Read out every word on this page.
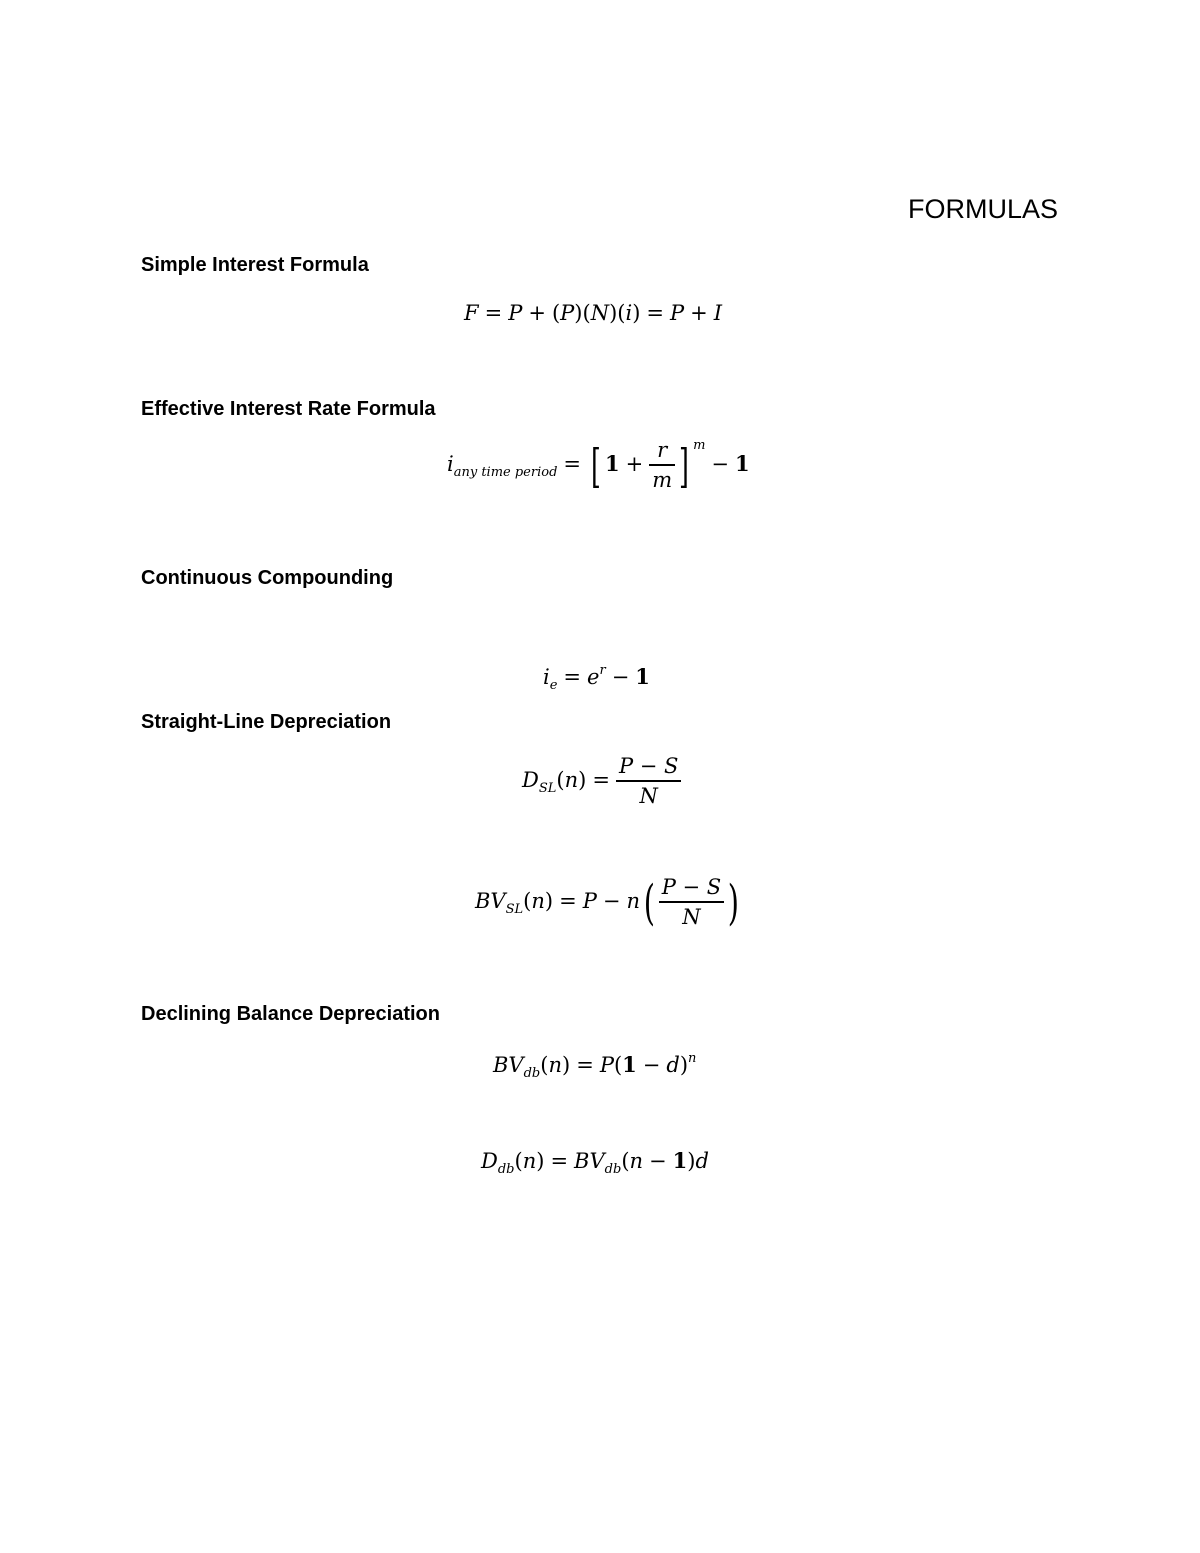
FORMULAS
Simple Interest Formula
F = P + (P)(N)(i) = P + I
Effective Interest Rate Formula
$i_{any time period}$ = [ $1 + \frac{r}{m}$ ] $^m$− 1
Continuous Compounding
$i_e = e^r - 1$
Straight-Line Depreciation
$D_{SL}(n) = \frac{P - S}{N}$
$BV_{SL}(n) = P - n( \frac{P - S}{N}$ )
Declining Balance Depreciation
$BV_{db}(n) = P(1 - d)^n$
$D_{db}(n) = BV_{db}(n - 1)d$
